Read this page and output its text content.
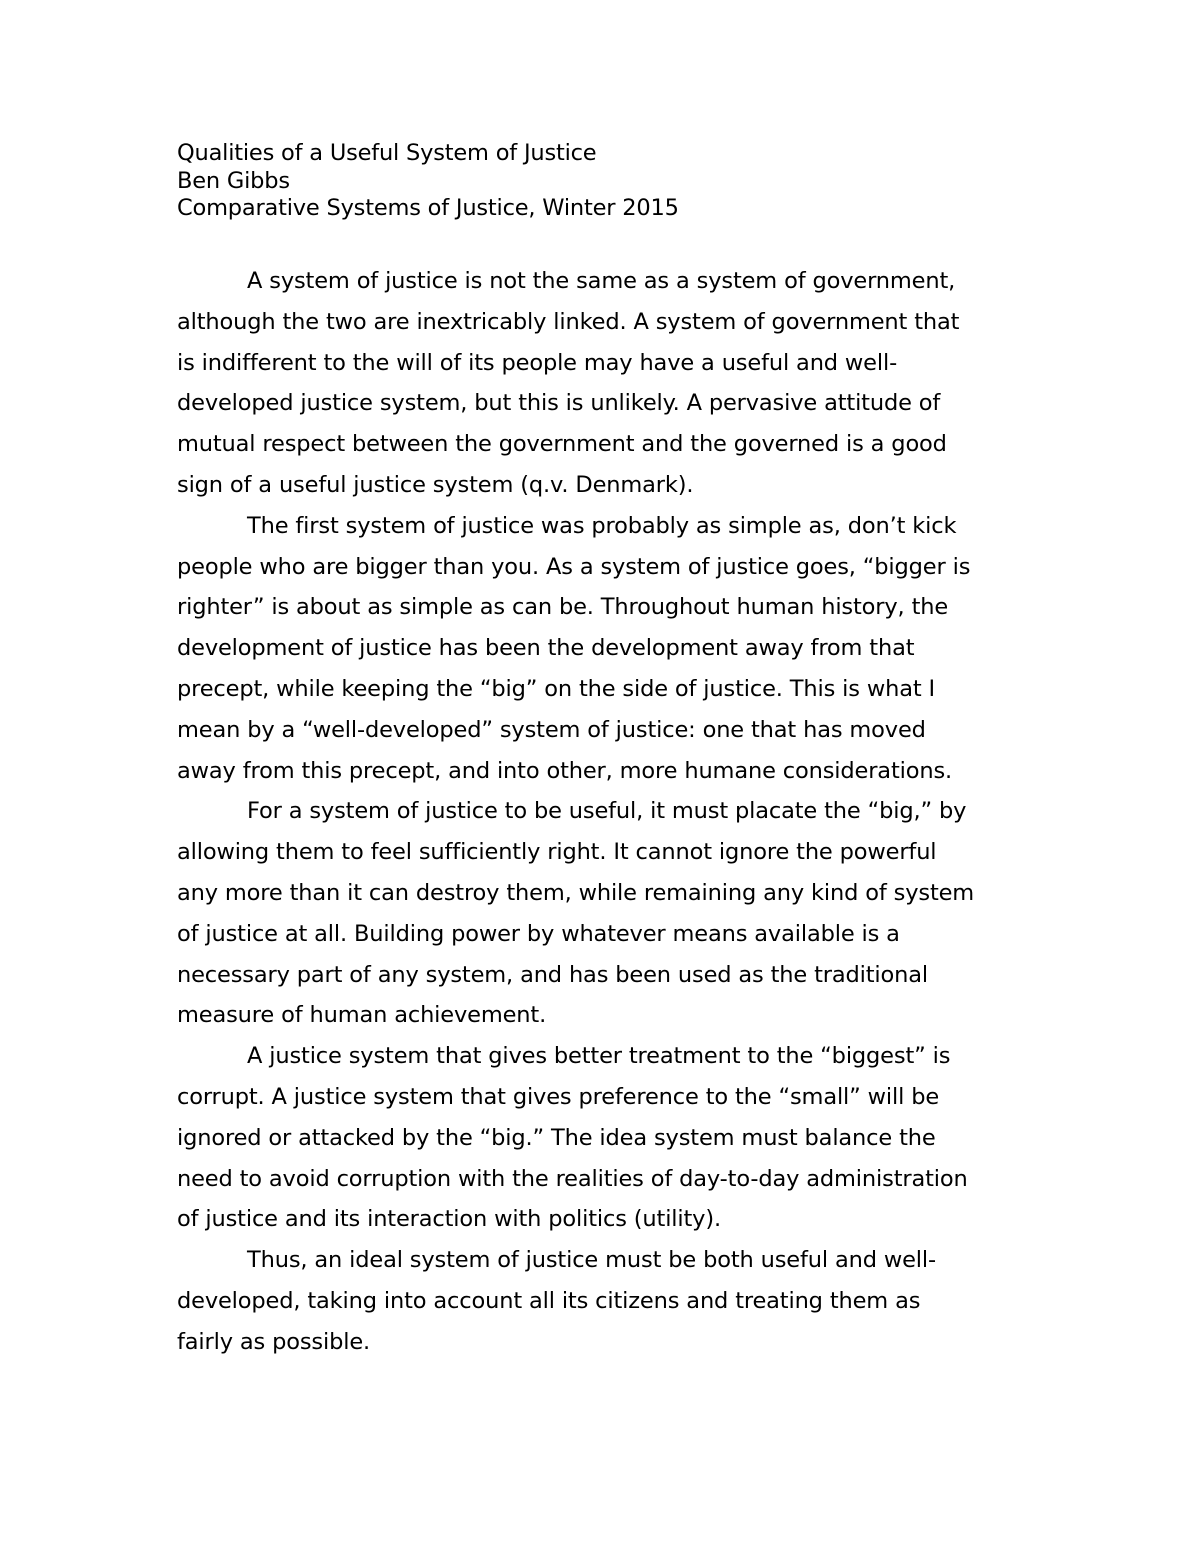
Qualities of a Useful System of Justice

Ben Gibbs

Comparative Systems of Justice, Winter 2015

A system of justice is not the same as a system of government,

although the two are inextricably linked. A system of government that

is indifferent to the will of its people may have a useful and well-

developed justice system, but this is unlikely. A pervasive attitude of

mutual respect between the government and the governed is a good

sign of a useful justice system (q.v. Denmark).

The first system of justice was probably as simple as, don’t kick

people who are bigger than you. As a system of justice goes, “bigger is

righter” is about as simple as can be. Throughout human history, the

development of justice has been the development away from that

precept, while keeping the “big” on the side of justice. This is what I

mean by a “well-developed” system of justice: one that has moved

away from this precept, and into other, more humane considerations.

For a system of justice to be useful, it must placate the “big,” by

allowing them to feel sufficiently right. It cannot ignore the powerful

any more than it can destroy them, while remaining any kind of system

of justice at all. Building power by whatever means available is a

necessary part of any system, and has been used as the traditional

measure of human achievement.

A justice system that gives better treatment to the “biggest” is

corrupt. A justice system that gives preference to the “small” will be

ignored or attacked by the “big.” The idea system must balance the

need to avoid corruption with the realities of day-to-day administration

of justice and its interaction with politics (utility).

Thus, an ideal system of justice must be both useful and well-

developed, taking into account all its citizens and treating them as

fairly as possible.
